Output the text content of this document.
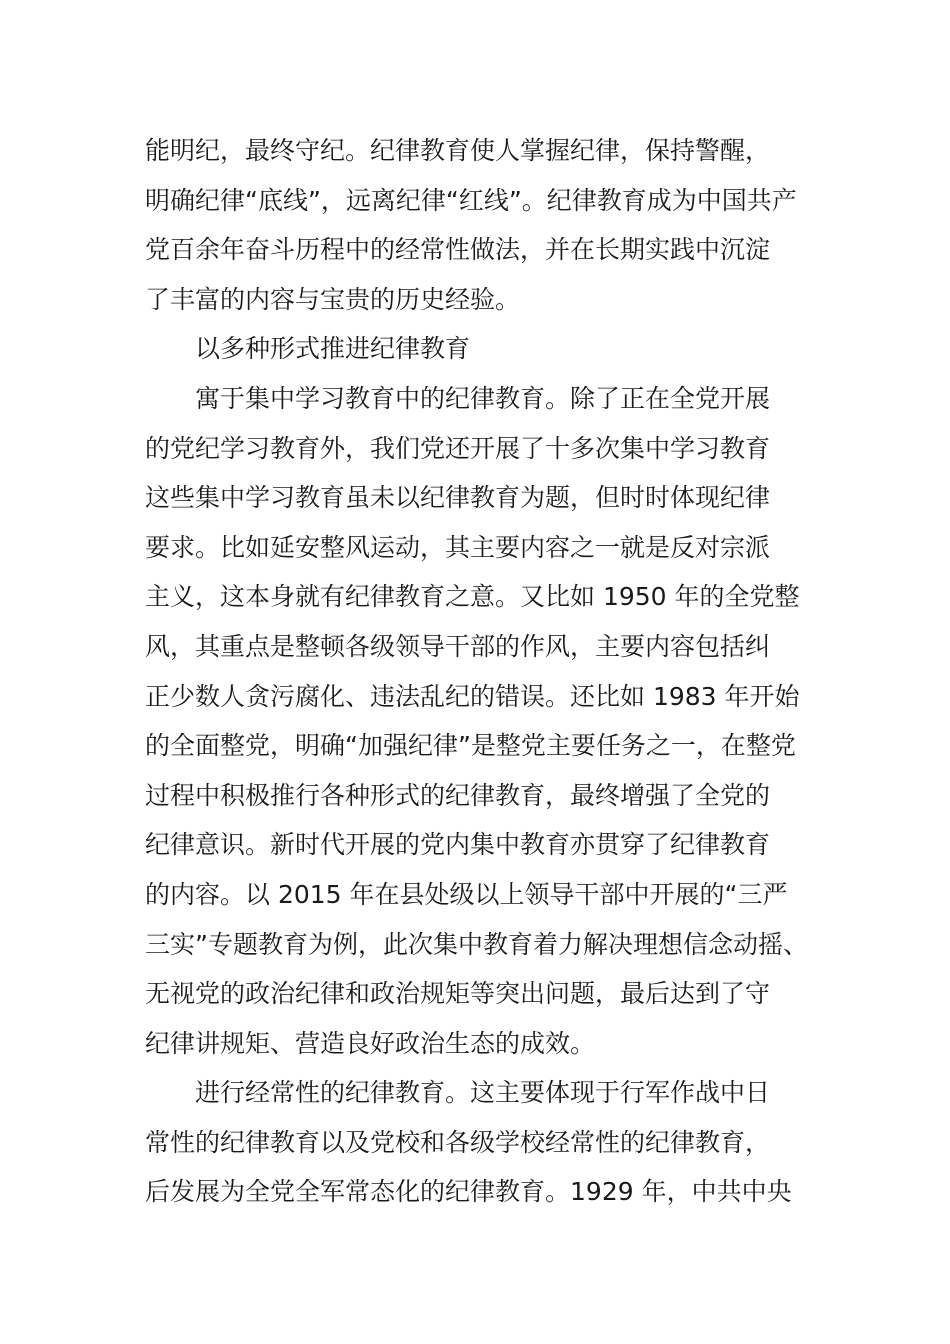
能明纪，最终守纪。纪律教育使人掌握纪律，保持警醒，
明确纪律“底线”，远离纪律“红线”。纪律教育成为中国共产
党百余年奋斗历程中的经常性做法，并在长期实践中沉淀
了丰富的内容与宝贵的历史经验。
以多种形式推进纪律教育
寓于集中学习教育中的纪律教育。除了正在全党开展
的党纪学习教育外，我们党还开展了十多次集中学习教育
这些集中学习教育虽未以纪律教育为题，但时时体现纪律
要求。比如延安整风运动，其主要内容之一就是反对宗派
主义，这本身就有纪律教育之意。又比如 1950 年的全党整
风，其重点是整顿各级领导干部的作风，主要内容包括纠
正少数人贪污腐化、违法乱纪的错误。还比如 1983 年开始
的全面整党，明确“加强纪律”是整党主要任务之一，在整党
过程中积极推行各种形式的纪律教育，最终增强了全党的
纪律意识。新时代开展的党内集中教育亦贯穿了纪律教育
的内容。以 2015 年在县处级以上领导干部中开展的“三严
三实”专题教育为例，此次集中教育着力解决理想信念动摇、
无视党的政治纪律和政治规矩等突出问题，最后达到了守
纪律讲规矩、营造良好政治生态的成效。
进行经常性的纪律教育。这主要体现于行军作战中日
常性的纪律教育以及党校和各级学校经常性的纪律教育，
后发展为全党全军常态化的纪律教育。1929 年，中共中央
